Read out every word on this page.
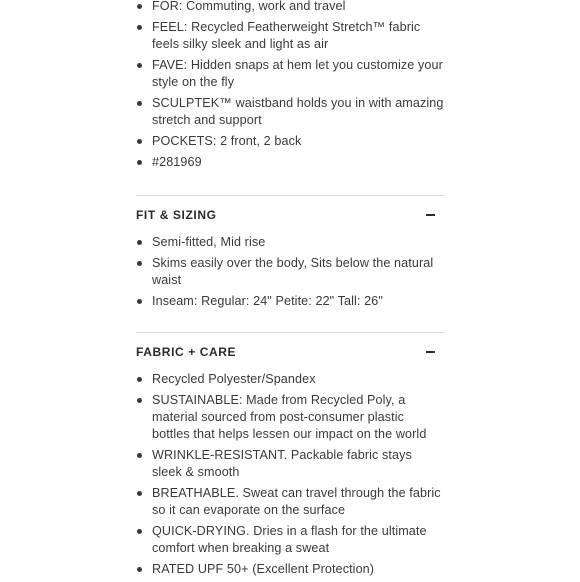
FOR: Commuting, work and travel
FEEL: Recycled Featherweight Stretch™ fabric feels silky sleek and light as air
FAVE: Hidden snaps at hem let you customize your style on the fly
SCULPTEK™ waistband holds you in with amazing stretch and support
POCKETS: 2 front, 2 back
#281969
FIT & SIZING
Semi-fitted, Mid rise
Skims easily over the body, Sits below the natural waist
Inseam: Regular: 24" Petite: 22" Tall: 26"
FABRIC + CARE
Recycled Polyester/Spandex
SUSTAINABLE: Made from Recycled Poly, a material sourced from post-consumer plastic bottles that helps lessen our impact on the world
WRINKLE-RESISTANT. Packable fabric stays sleek & smooth
BREATHABLE. Sweat can travel through the fabric so it can evaporate on the surface
QUICK-DRYING. Dries in a flash for the ultimate comfort when breaking a sweat
RATED UPF 50+ (Excellent Protection)
